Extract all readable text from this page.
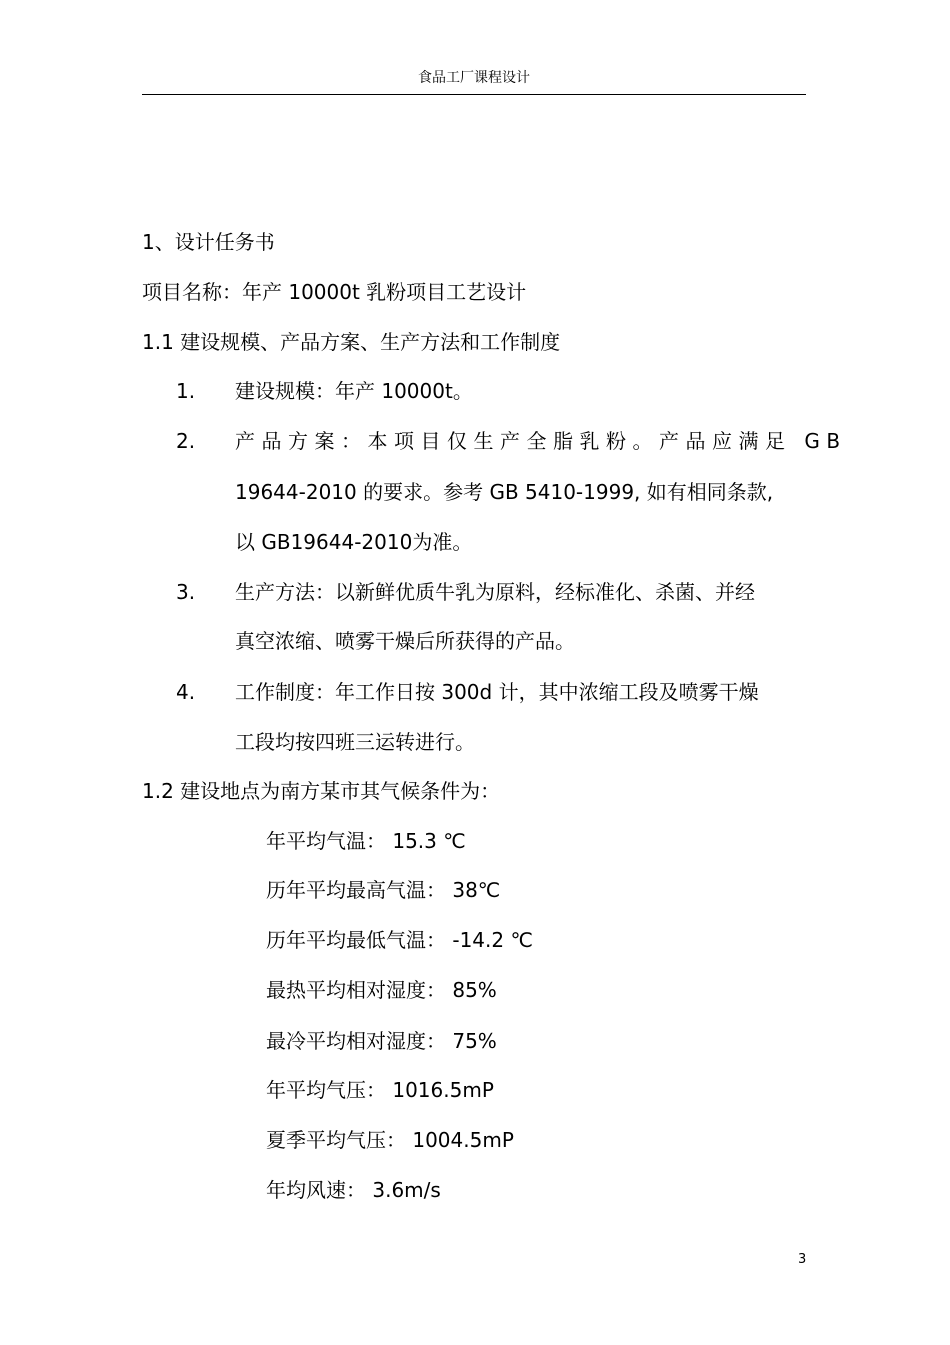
食品工厂课程设计
1、设计任务书
项目名称：年产 10000t 乳粉项目工艺设计
1.1 建设规模、产品方案、生产方法和工作制度
1. 建设规模：年产 10000t。
2. 产品方案：本项目仅生产全脂乳粉。产品应满足 GB
19644-2010 的要求。参考 GB 5410-1999, 如有相同条款,
以 GB19644-2010为准。
3. 生产方法：以新鲜优质牛乳为原料，经标准化、杀菌、并经
真空浓缩、喷雾干燥后所获得的产品。
4. 工作制度：年工作日按 300d 计，其中浓缩工段及喷雾干燥
工段均按四班三运转进行。
1.2 建设地点为南方某市其气候条件为：
年平均气温： 15.3 ℃
历年平均最高气温： 38℃
历年平均最低气温： -14.2 ℃
最热平均相对湿度： 85%
最冷平均相对湿度： 75%
年平均气压： 1016.5mP
夏季平均气压： 1004.5mP
年均风速： 3.6m/s
3
